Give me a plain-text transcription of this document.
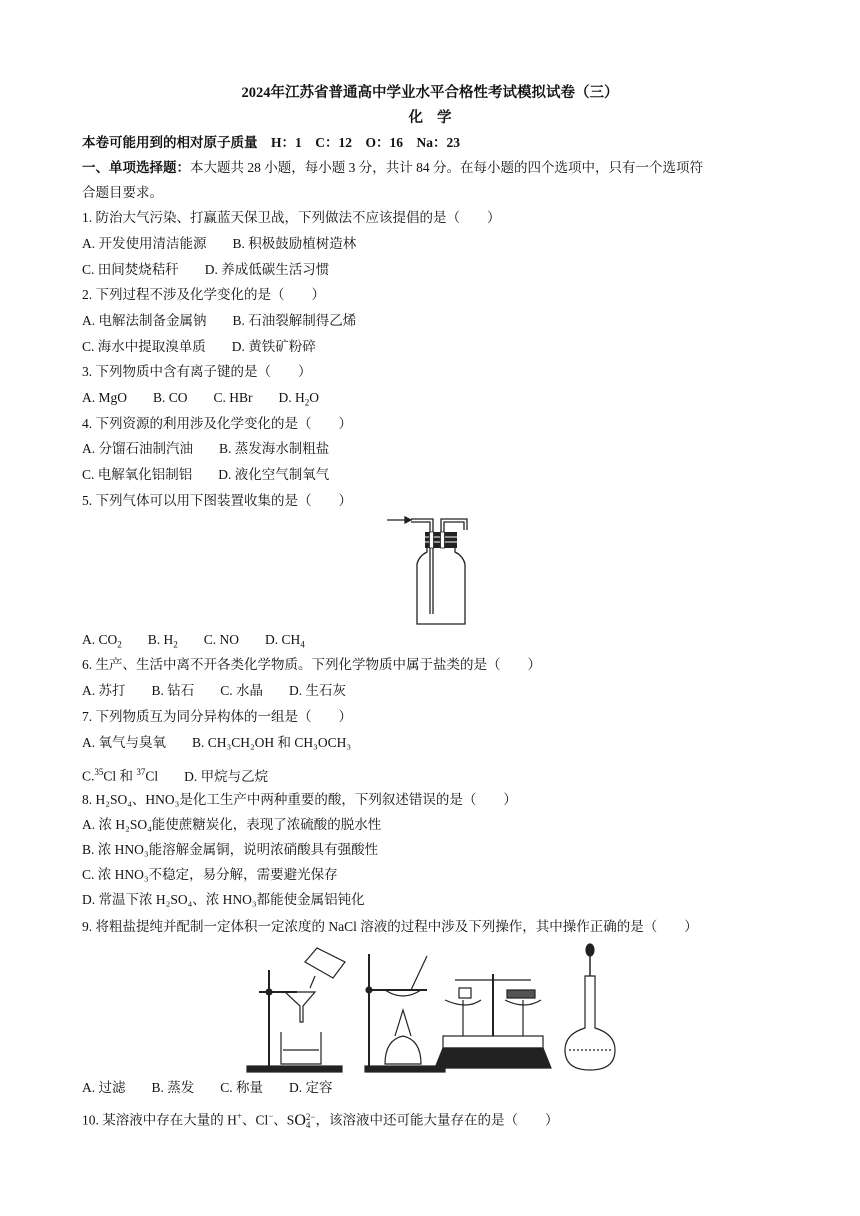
2024年江苏省普通高中学业水平合格性考试模拟试卷（三）
化学
本卷可能用到的相对原子质量　H：1　C：12　O：16　Na：23
一、单项选择题：本大题共 28 小题，每小题 3 分，共计 84 分。在每小题的四个选项中，只有一个选项符
合题目要求。
1. 防治大气污染、打赢蓝天保卫战，下列做法不应该提倡的是（　　）
A. 开发使用清洁能源 B. 积极鼓励植树造林
C. 田间焚烧秸秆 D. 养成低碳生活习惯
2. 下列过程不涉及化学变化的是（　　）
A. 电解法制备金属钠 B. 石油裂解制得乙烯
C. 海水中提取溴单质 D. 黄铁矿粉碎
3. 下列物质中含有离子键的是（　　）
A. MgO B. CO C. HBr D. $H_2O$
4. 下列资源的利用涉及化学变化的是（　　）
A. 分馏石油制汽油 B. 蒸发海水制粗盐
C. 电解氧化铝制铝 D. 液化空气制氧气
5. 下列气体可以用下图装置收集的是（　　）
A. $CO_2$ B. $H_2$ C. NO D. $CH_4$
6. 生产、生活中离不开各类化学物质。下列化学物质中属于盐类的是（　　）
A. 苏打 B. 钻石 C. 水晶 D. 生石灰
7. 下列物质互为同分异构体的一组是（　　）
A. 氧气与臭氧 B. CH₃CH₂OH 和 CH₃OCH₃
C.$^{35}$Cl 和 $^{37}$Cl D. 甲烷与乙烷
8. H₂SO₄、HNO₃是化工生产中两种重要的酸，下列叙述错误的是（　　）
A. 浓 H₂SO₄能使蔗糖炭化，表现了浓硫酸的脱水性
B. 浓 HNO₃能溶解金属铜，说明浓硝酸具有强酸性
C. 浓 HNO₃不稳定，易分解，需要避光保存
D. 常温下浓 H₂SO₄、浓 HNO₃都能使金属铝钝化
9. 将粗盐提纯并配制一定体积一定浓度的 NaCl 溶液的过程中涉及下列操作，其中操作正确的是（　　）
A. 过滤 B. 蒸发 C. 称量 D. 定容
10. 某溶液中存在大量的 H+、Cl−、SO 2−
4 ，该溶液中还可能大量存在的是（　　）
